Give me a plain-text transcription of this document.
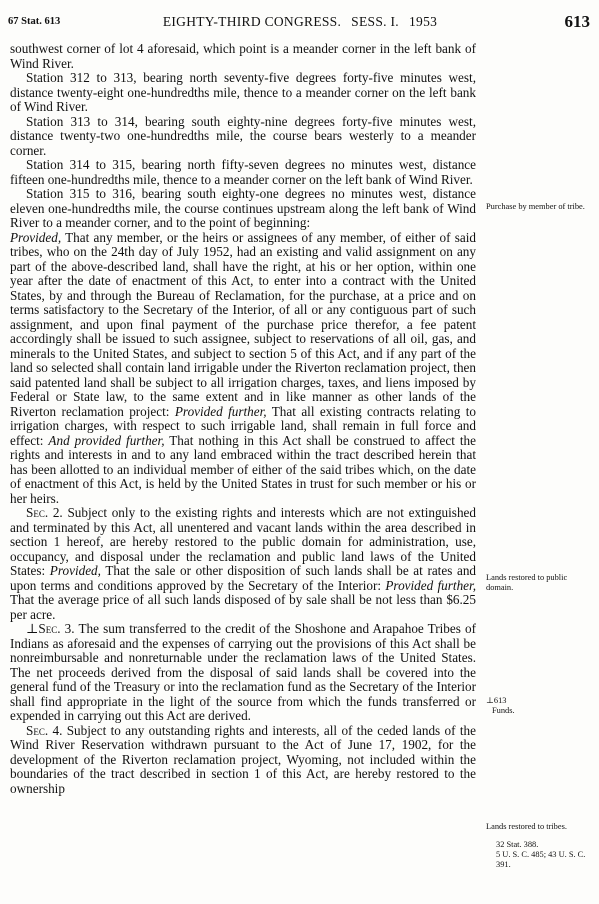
67 Stat. 613	EIGHTY-THIRD CONGRESS. SESS. I. 1953	613

southwest corner of lot 4 aforesaid, which point is a meander corner in the left bank of Wind River.

Station 312 to 313, bearing north seventy-five degrees forty-five minutes west, distance twenty-eight one-hundredths mile, thence to a meander corner on the left bank of Wind River.

Station 313 to 314, bearing south eighty-nine degrees forty-five minutes west, distance twenty-two one-hundredths mile, the course bears westerly to a meander corner.

Station 314 to 315, bearing north fifty-seven degrees no minutes west, distance fifteen one-hundredths mile, thence to a meander corner on the left bank of Wind River.

Station 315 to 316, bearing south eighty-one degrees no minutes west, distance eleven one-hundredths mile, the course continues upstream along the left bank of Wind River to a meander corner, and to the point of beginning:

Provided, That any member, or the heirs or assignees of any member, of either of said tribes, who on the 24th day of July 1952, had an existing and valid assignment on any part of the above-described land, shall have the right, at his or her option, within one year after the date of enactment of this Act, to enter into a contract with the United States, by and through the Bureau of Reclamation, for the purchase, at a price and on terms satisfactory to the Secretary of the Interior, of all or any contiguous part of such assignment, and upon final payment of the purchase price therefor, a fee patent accordingly shall be issued to such assignee, subject to reservations of all oil, gas, and minerals to the United States, and subject to section 5 of this Act, and if any part of the land so selected shall contain land irrigable under the Riverton reclamation project, then said patented land shall be subject to all irrigation charges, taxes, and liens imposed by Federal or State law, to the same extent and in like manner as other lands of the Riverton reclamation project: Provided further, That all existing contracts relating to irrigation charges, with respect to such irrigable land, shall remain in full force and effect: And provided further, That nothing in this Act shall be construed to affect the rights and interests in and to any land embraced within the tract described herein that has been allotted to an individual member of either of the said tribes which, on the date of enactment of this Act, is held by the United States in trust for such member or his or her heirs.

Sec. 2. Subject only to the existing rights and interests which are not extinguished and terminated by this Act, all unentered and vacant lands within the area described in section 1 hereof, are hereby restored to the public domain for administration, use, occupancy, and disposal under the reclamation and public land laws of the United States: Provided, That the sale or other disposition of such lands shall be at rates and upon terms and conditions approved by the Secretary of the Interior: Provided further, That the average price of all such lands disposed of by sale shall be not less than $6.25 per acre.

⊥Sec. 3. The sum transferred to the credit of the Shoshone and Arapahoe Tribes of Indians as aforesaid and the expenses of carrying out the provisions of this Act shall be nonreimbursable and nonreturnable under the reclamation laws of the United States. The net proceeds derived from the disposal of said lands shall be covered into the general fund of the Treasury or into the reclamation fund as the Secretary of the Interior shall find appropriate in the light of the source from which the funds transferred or expended in carrying out this Act are derived.

Sec. 4. Subject to any outstanding rights and interests, all of the ceded lands of the Wind River Reservation withdrawn pursuant to the Act of June 17, 1902, for the development of the Riverton reclamation project, Wyoming, not included within the boundaries of the tract described in section 1 of this Act, are hereby restored to the ownership

Purchase by member of tribe.

Lands restored to public domain.

⊥613

Funds.

Lands restored to tribes.

32 Stat. 388.

5 U. S. C. 485; 43 U. S. C. 391.
